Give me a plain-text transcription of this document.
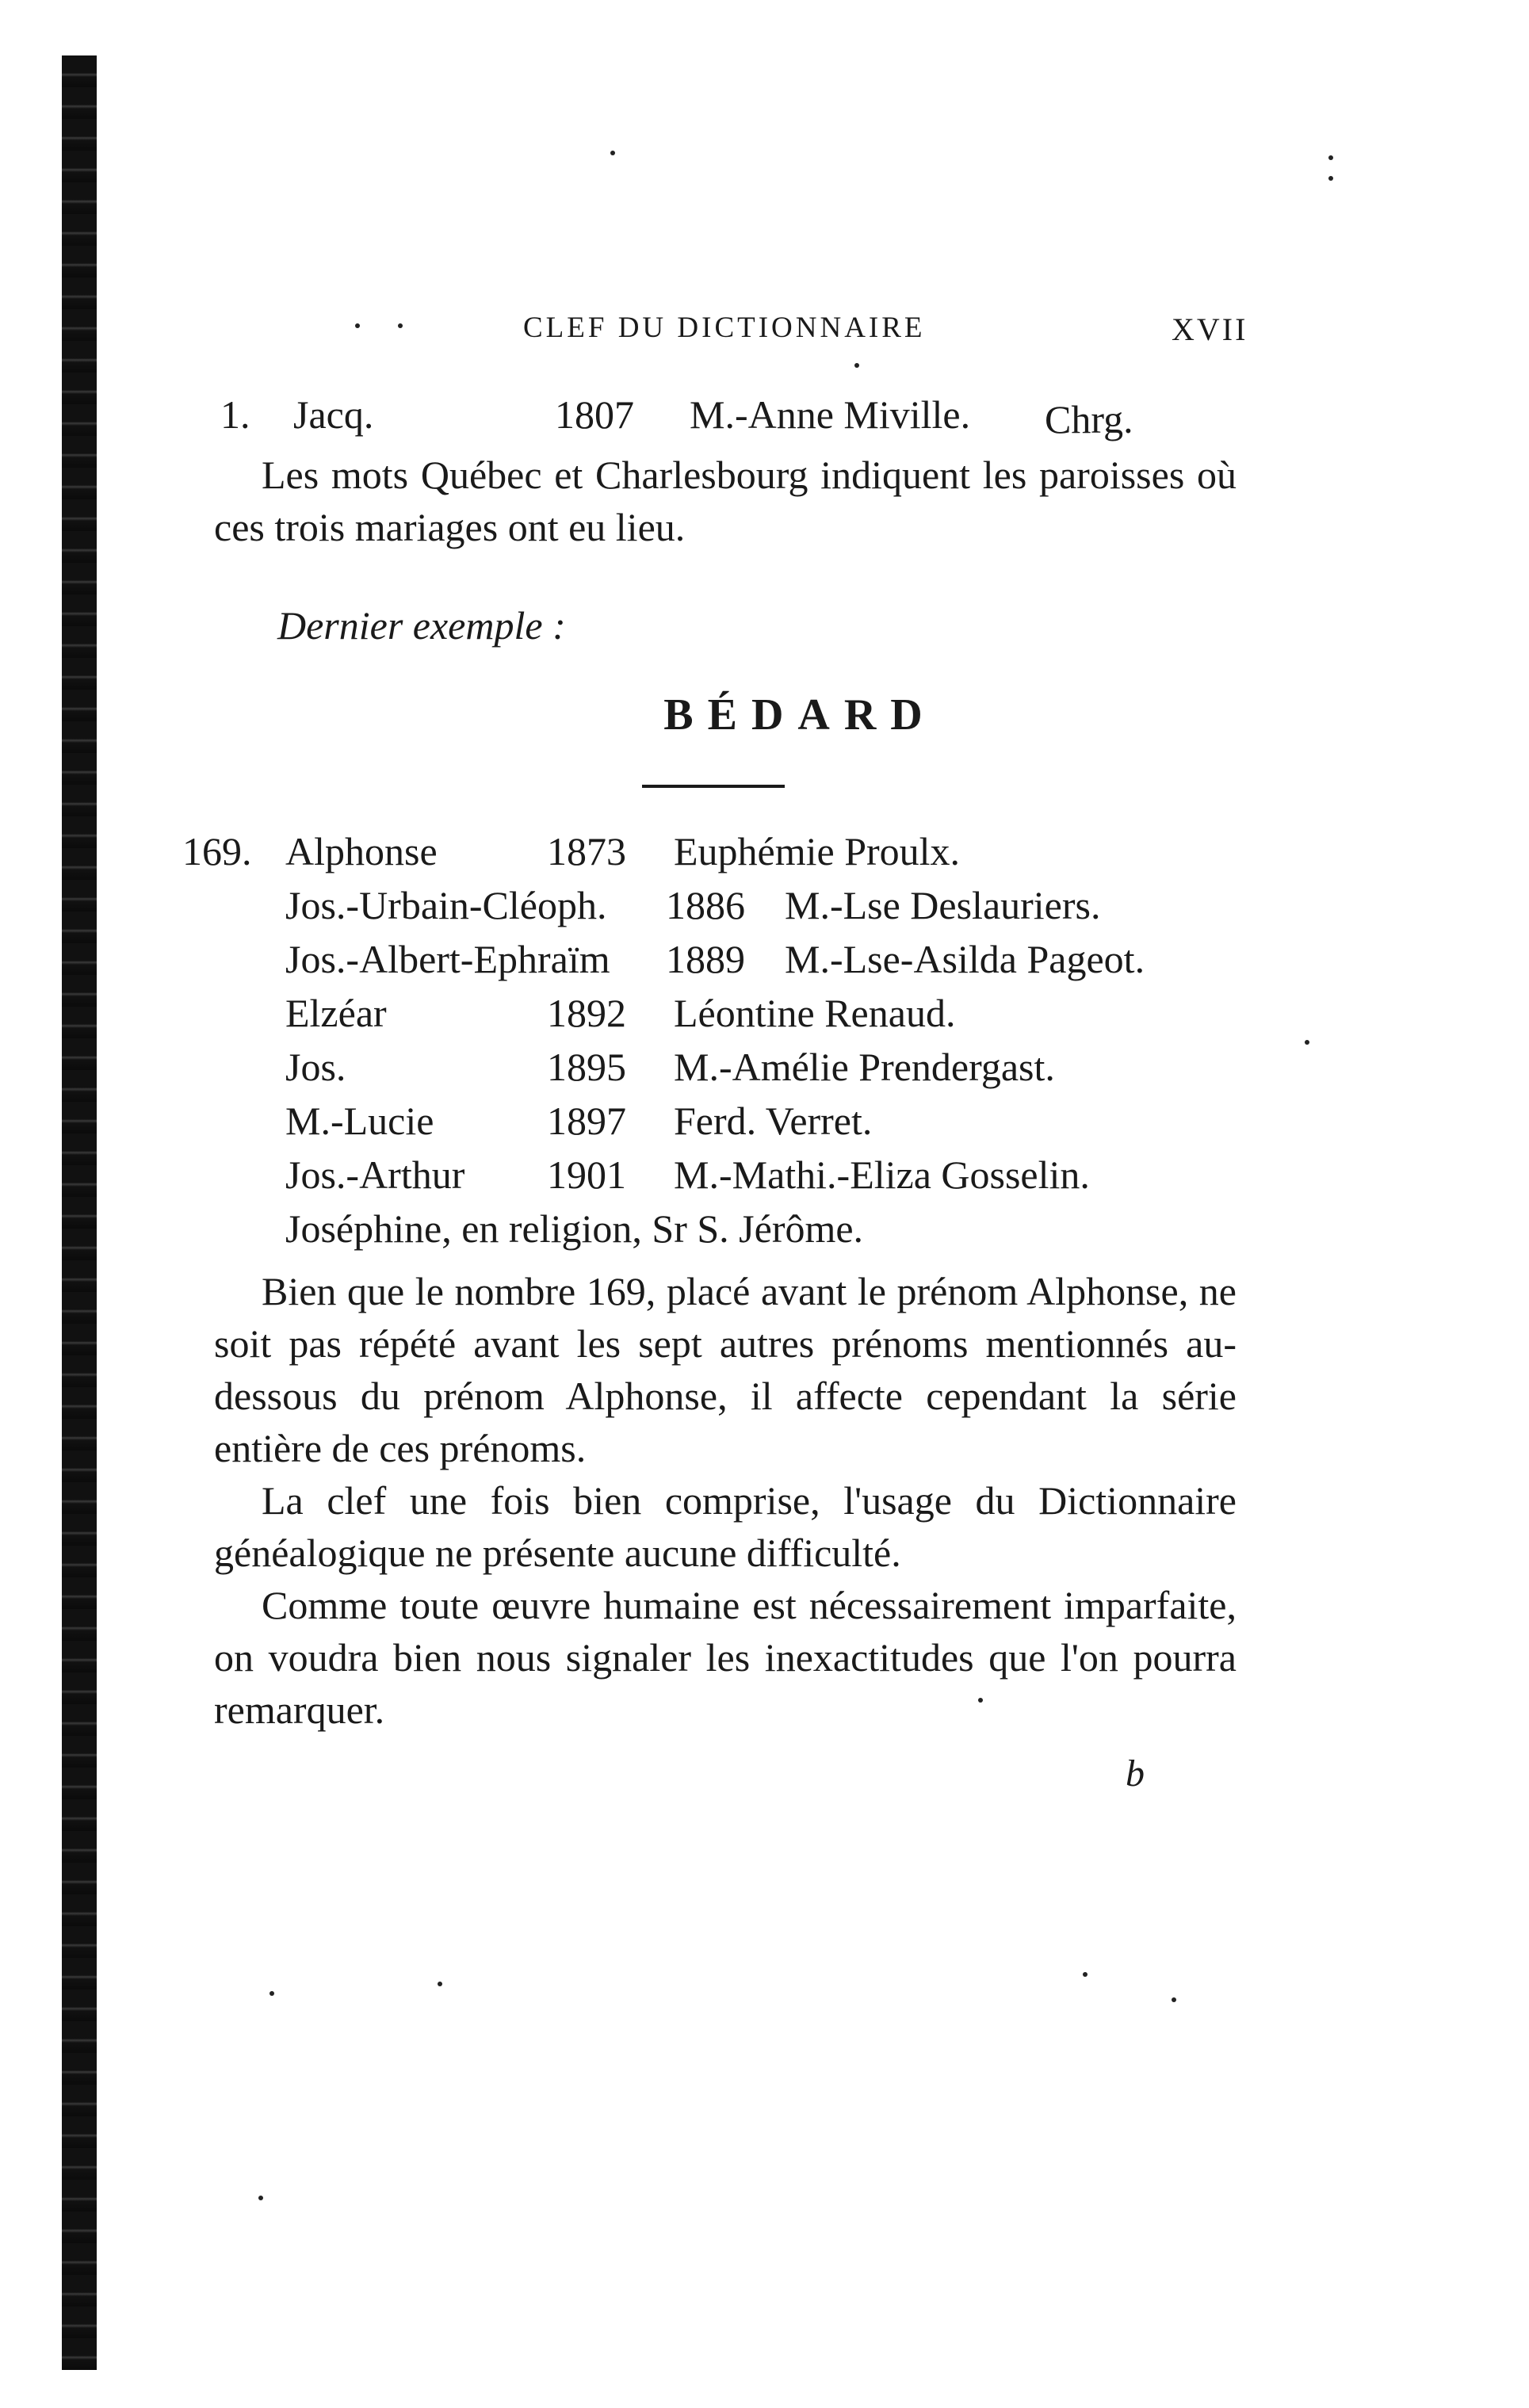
CLEF DU DICTIONNAIRE	XVII
1. Jacq.	1807 M.-Anne Miville. Chrg.
Les mots Québec et Charlesbourg indiquent les paroisses où ces trois mariages ont eu lieu.
Dernier exemple :
BÉDARD
169. Alphonse	1873 Euphémie Proulx.
Jos.-Urbain-Cléoph. 1886 M.-Lse Deslauriers.
Jos.-Albert-Ephraïm 1889 M.-Lse-Asilda Pageot.
Elzéar	1892 Léontine Renaud.
Jos.	1895 M.-Amélie Prendergast.
M.-Lucie	1897 Ferd. Verret.
Jos.-Arthur 1901 M.-Mathi.-Eliza Gosselin.
Joséphine, en religion, Sr S. Jérôme.
Bien que le nombre 169, placé avant le prénom Alphonse, ne soit pas répété avant les sept autres prénoms mentionnés au-dessous du prénom Alphonse, il affecte cependant la série entière de ces prénoms.
La clef une fois bien comprise, l'usage du Dictionnaire généalogique ne présente aucune difficulté.
Comme toute œuvre humaine est nécessairement imparfaite, on voudra bien nous signaler les inexactitudes que l'on pourra remarquer.
b
